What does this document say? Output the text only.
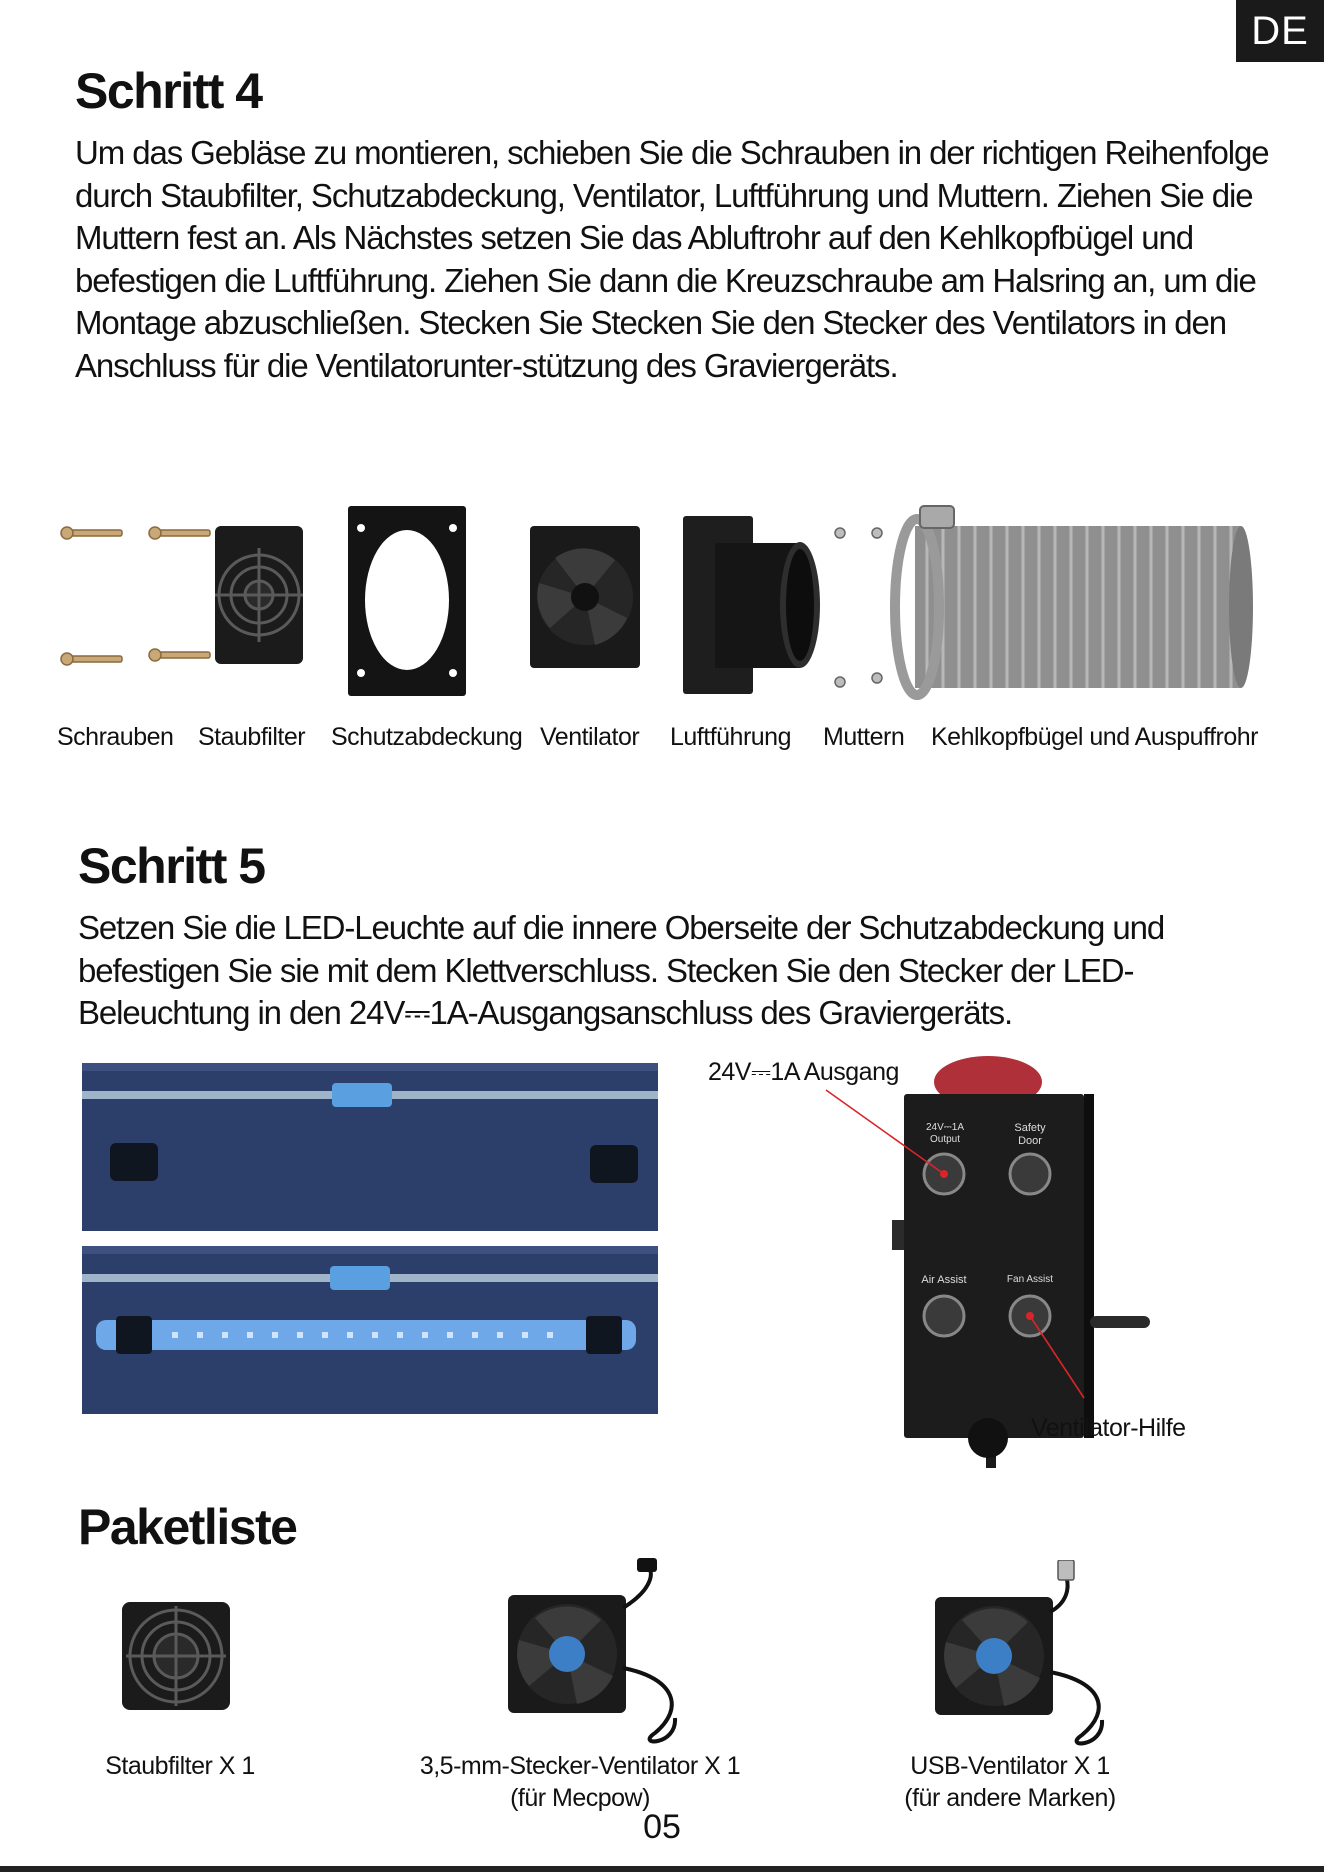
DE
Schritt 4

Um das Gebläse zu montieren, schieben Sie die Schrauben in der richtigen Reihenfolge durch Staubfilter, Schutzabdeckung, Ventilator, Luftführung und Muttern. Ziehen Sie die Muttern fest an. Als Nächstes setzen Sie das Abluftrohr auf den Kehlkopfbügel und befestigen die Luftführung. Ziehen Sie dann die Kreuzschraube am Halsring an, um die Montage abzuschließen. Stecken Sie Stecken Sie den Stecker des Ventilators in den Anschluss für die Ventilatorunter-stützung des Graviergeräts.

Schrauben Staubfilter Schutzabdeckung Ventilator Luftführung Muttern Kehlkopfbügel und Auspuffrohr
Schritt 5

Setzen Sie die LED-Leuchte auf die innere Oberseite der Schutzabdeckung und befestigen Sie sie mit dem Klettverschluss. Stecken Sie den Stecker der LED-Beleuchtung in den 24V⎓1A-Ausgangsanschluss des Graviergeräts.

24V⎓1A Output
Safety Door
Air Assist	Fan Assist
24V⎓1A Ausgang
Ventilator-Hilfe
Paketliste
Staubfilter X 1	3,5-mm-Stecker-Ventilator X 1
(für Mecpow)
USB-Ventilator X 1
(für andere Marken)
05
